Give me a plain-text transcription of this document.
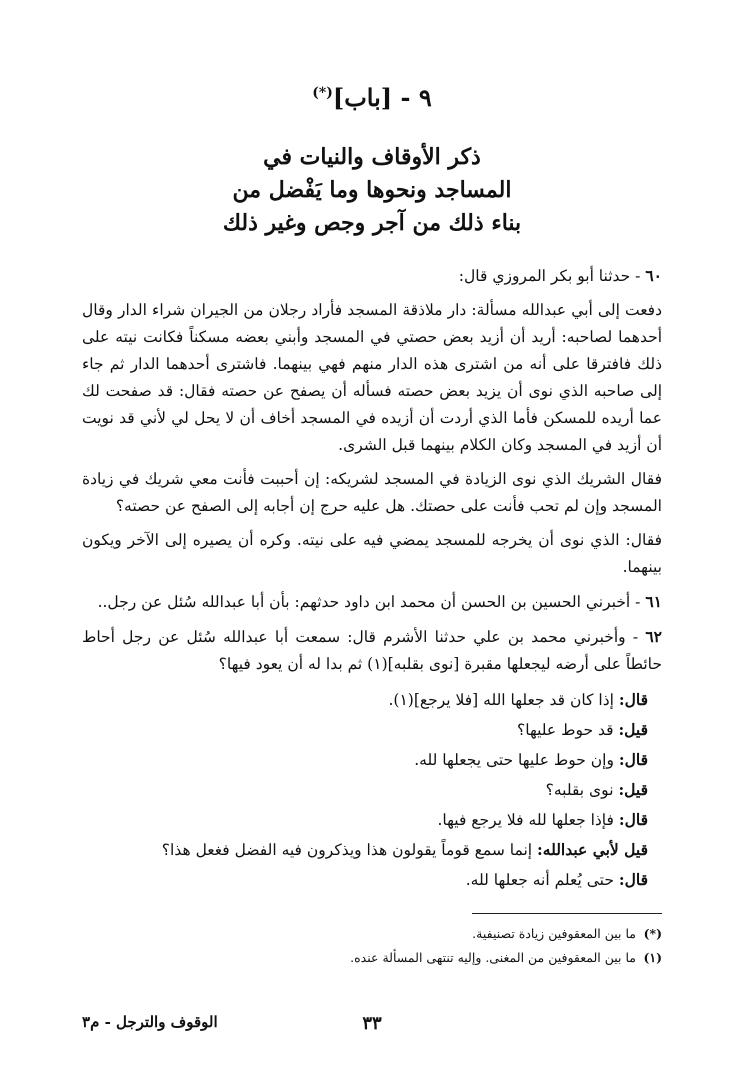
٩ - [باب](*)
ذكر الأوقاف والنيات في
المساجد ونحوها وما يَفْضل من
بناء ذلك من آجر وجص وغير ذلك

٦٠ - حدثنا أبو بكر المروزي قال:

دفعت إلى أبي عبدالله مسألة: دار ملاذقة المسجد فأراد رجلان من الجيران شراء الدار وقال أحدهما لصاحبه: أريد أن أزيد بعض حصتي في المسجد وأبني بعضه مسكناً فكانت نيته على ذلك فافترقا على أنه من اشترى هذه الدار منهم فهي بينهما. فاشترى أحدهما الدار ثم جاء إلى صاحبه الذي نوى أن يزيد بعض حصته فسأله أن يصفح عن حصته فقال: قد صفحت لك عما أريده للمسكن فأما الذي أردت أن أزيده في المسجد أخاف أن لا يحل لي لأني قد نويت أن أزيد في المسجد وكان الكلام بينهما قبل الشرى.

فقال الشريك الذي نوى الزيادة في المسجد لشريكه: إن أحببت فأنت معي شريك في زيادة المسجد وإن لم تحب فأنت على حصتك. هل عليه حرج إن أجابه إلى الصفح عن حصته؟

فقال: الذي نوى أن يخرجه للمسجد يمضي فيه على نيته. وكره أن يصيره إلى الآخر ويكون بينهما.

٦١ - أخبرني الحسين بن الحسن أن محمد ابن داود حدثهم: بأن أبا عبدالله سُئل عن رجل..

٦٢ - وأخبرني محمد بن علي حدثنا الأشرم قال: سمعت أبا عبدالله سُئل عن رجل أحاط حائطاً على أرضه ليجعلها مقبرة [نوى بقلبه](١) ثم بدا له أن يعود فيها؟

قال: إذا كان قد جعلها الله [فلا يرجع](١).

قيل: قد حوط عليها؟

قال: وإن حوط عليها حتى يجعلها لله.

قيل: نوى بقلبه؟

قال: فإذا جعلها لله فلا يرجع فيها.

قيل لأبي عبدالله: إنما سمع قوماً يقولون هذا ويذكرون فيه الفضل فغعل هذا؟

قال: حتى يُعلم أنه جعلها لله.

(*)ما بين المعقوفين زيادة تصنيفية.
(١)ما بين المعقوفين من المغنى. وإليه تنتهى المسألة عنده.
٣٣
الوقوف والترجل - م٣
